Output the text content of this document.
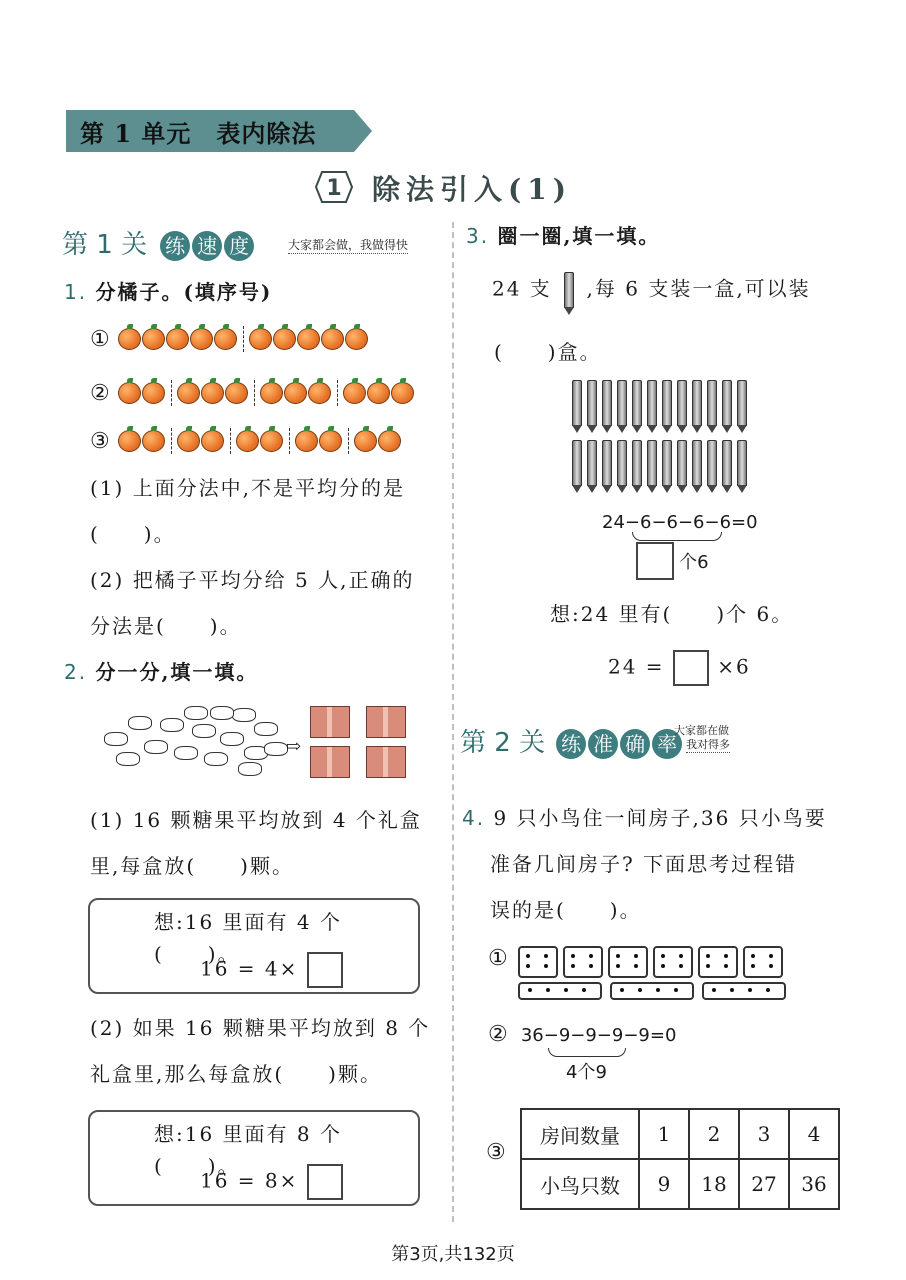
第 1 单元　表内除法
1 除法引入(1)
第 1 关 练 速 度	大家都会做，我做得快
1. 分橘子。(填序号)
①
②
③
(1) 上面分法中,不是平均分的是
(　　)。
(2) 把橘子平均分给 5 人,正确的
分法是(　　)。
2. 分一分,填一填。
⇨
(1) 16 颗糖果平均放到 4 个礼盒
里,每盒放(　　)颗。
想:16 里面有 4 个(　　)。
16 = 4×
(2) 如果 16 颗糖果平均放到 8 个
礼盒里,那么每盒放(　　)颗。
想:16 里面有 8 个(　　)。
16 = 8×
3. 圈一圈,填一填。
24 支 ,每 6 支装一盒,可以装
(　　)盒。
24−6−6−6−6=0
个6
想:24 里有(　　)个 6。
24 =	×6
第 2 关 练 准 确 率
大家都在做
我对得多
4. 9 只小鸟住一间房子,36 只小鸟要
准备几间房子? 下面思考过程错
误的是(　　)。
①
② 36−9−9−9−9=0
4个9
③
房间数量	1	2	3	4
小鸟只数	9	18	27	36
第3页,共132页
